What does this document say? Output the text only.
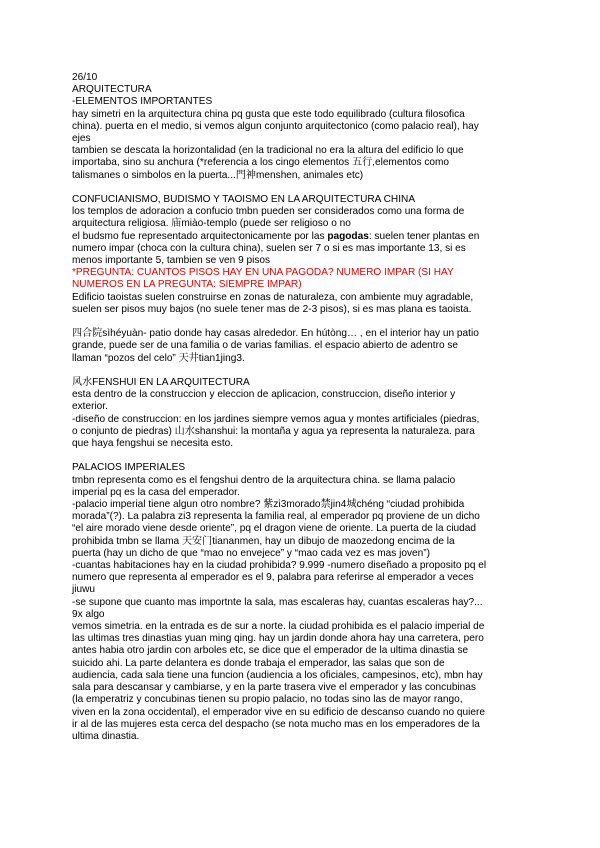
26/10
ARQUITECTURA
-ELEMENTOS IMPORTANTES
hay simetri en la arquitectura china pq gusta que este todo equilibrado (cultura filosofica
china). puerta en el medio, si vemos algun conjunto arquitectonico (como palacio real), hay
ejes
tambien se descata la horizontalidad (en la tradicional no era la altura del edificio lo que
importaba, sino su anchura (*referencia a los cingo elementos 五行,elementos como
talismanes o simbolos en la puerta...門神menshen, animales etc)
CONFUCIANISMO, BUDISMO Y TAOISMO EN LA ARQUITECTURA CHINA
los templos de adoracion a confucio tmbn pueden ser considerados como una forma de
arquitectura religiosa. 庙miào-templo (puede ser religioso o no
el budsmo fue representado arquitectonicamente por las pagodas: suelen tener plantas en
numero impar (choca con la cultura china), suelen ser 7 o si es mas importante 13, si es
menos importante 5, tambien se ven 9 pisos
*PREGUNTA: CUANTOS PISOS HAY EN UNA PAGODA? NUMERO IMPAR (SI HAY
NUMEROS EN LA PREGUNTA: SIEMPRE IMPAR)
Edificio taoistas suelen construirse en zonas de naturaleza, con ambiente muy agradable,
suelen ser pisos muy bajos (no suele tener mas de 2-3 pisos), si es mas plana es taoista.
四合院sìhéyuàn- patio donde hay casas alrededor. En hútòng… , en el interior hay un patio
grande, puede ser de una familia o de varias familias. el espacio abierto de adentro se
llaman “pozos del celo” 天井tian1jing3.
风水FENSHUI EN LA ARQUITECTURA
esta dentro de la construccion y eleccion de aplicacion, construccion, diseño interior y
exterior.
-diseño de construccion: en los jardines siempre vemos agua y montes artificiales (piedras,
o conjunto de piedras) 山水shanshui: la montaña y agua ya representa la naturaleza. para
que haya fengshui se necesita esto.
PALACIOS IMPERIALES
tmbn representa como es el fengshui dentro de la arquitectura china. se llama palacio
imperial pq es la casa del emperador.
-palacio imperial tiene algun otro nombre? 紫zi3morado禁jin4城chéng “ciudad prohibida
morada”(?). La palabra zi3 representa la familia real, al emperador pq proviene de un dicho
“el aire morado viene desde oriente”, pq el dragon viene de oriente. La puerta de la ciudad
prohibida tmbn se llama 天安门tiananmen, hay un dibujo de maozedong encima de la
puerta (hay un dicho de que “mao no envejece” y “mao cada vez es mas joven”)
-cuantas habitaciones hay en la ciudad prohibida? 9.999 -numero diseñado a proposito pq el
numero que representa al emperador es el 9, palabra para referirse al emperador a veces
jiuwu
-se supone que cuanto mas importnte la sala, mas escaleras hay, cuantas escaleras hay?...
9x algo
vemos simetria. en la entrada es de sur a norte. la ciudad prohibida es el palacio imperial de
las ultimas tres dinastias yuan ming qing. hay un jardin donde ahora hay una carretera, pero
antes habia otro jardin con arboles etc, se dice que el emperador de la ultima dinastia se
suicido ahi. La parte delantera es donde trabaja el emperador, las salas que son de
audiencia, cada sala tiene una funcion (audiencia a los oficiales, campesinos, etc), mbn hay
sala para descansar y cambiarse, y en la parte trasera vive el emperador y las concubinas
(la emperatriz y concubinas tienen su propio palacio, no todas sino las de mayor rango,
viven en la zona occidental), el emperador vive en su edificio de descanso cuando no quiere
ir al de las mujeres esta cerca del despacho (se nota mucho mas en los emperadores de la
ultima dinastia.
